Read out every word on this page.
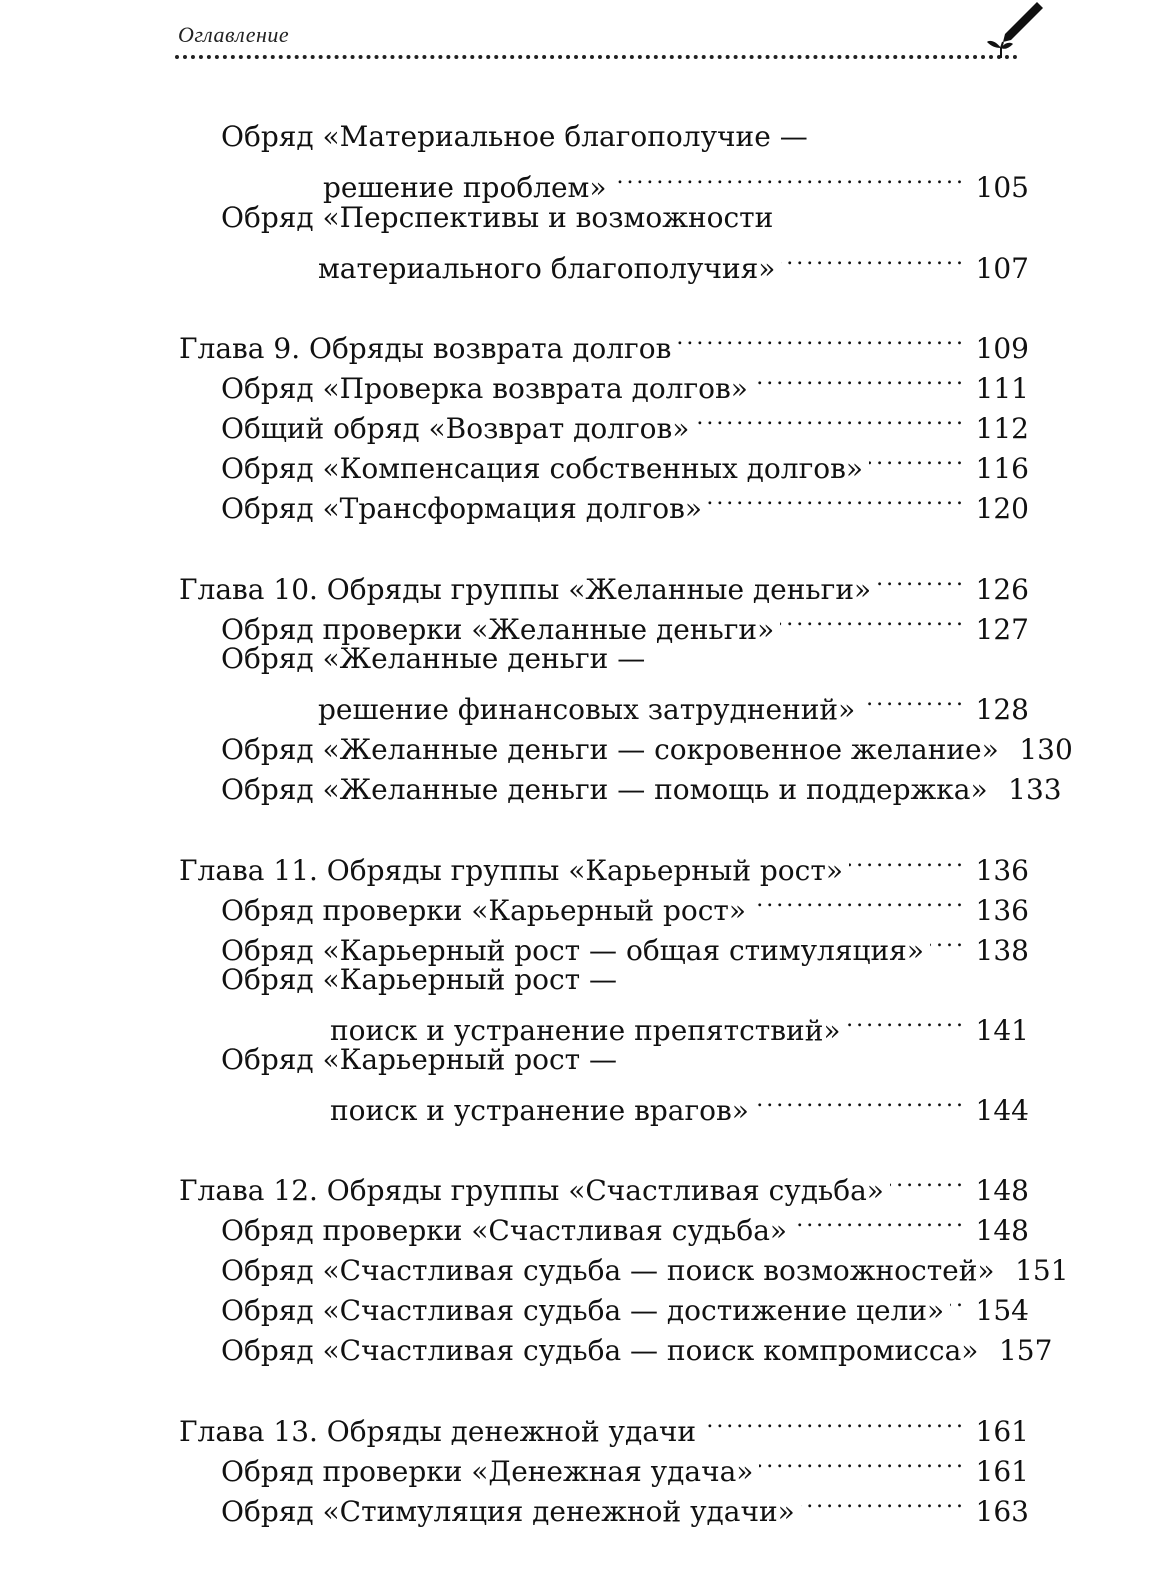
Оглавление
Обряд «Материальное благополучие —
решение проблем» . . .	105
Обряд «Перспективы и возможности
материального благополучия» . . .	107
Глава 9. Обряды возврата долгов . . .	109
Обряд «Проверка возврата долгов» . . .	111
Общий обряд «Возврат долгов» . . .	112
Обряд «Компенсация собственных долгов» . . .	116
Обряд «Трансформация долгов» . . .	120
Глава 10. Обряды группы «Желанные деньги» . . .	126
Обряд проверки «Желанные деньги» . . .	127
Обряд «Желанные деньги —
решение финансовых затруднений» . . .	128
Обряд «Желанные деньги — сокровенное желание» 130
Обряд «Желанные деньги — помощь и поддержка» 133
Глава 11. Обряды группы «Карьерный рост» . . .	136
Обряд проверки «Карьерный рост» . . .	136
Обряд «Карьерный рост — общая стимуляция» . . .	138
Обряд «Карьерный рост —
поиск и устранение препятствий» . . .	141
Обряд «Карьерный рост —
поиск и устранение врагов» . . .	144
Глава 12. Обряды группы «Счастливая судьба» . . .	148
Обряд проверки «Счастливая судьба» . . .	148
Обряд «Счастливая судьба — поиск возможностей» 151
Обряд «Счастливая судьба — достижение цели» . . .	154
Обряд «Счастливая судьба — поиск компромисса» 157
Глава 13. Обряды денежной удачи . . .	161
Обряд проверки «Денежная удача» . . .	161
Обряд «Стимуляция денежной удачи» . . .	163
